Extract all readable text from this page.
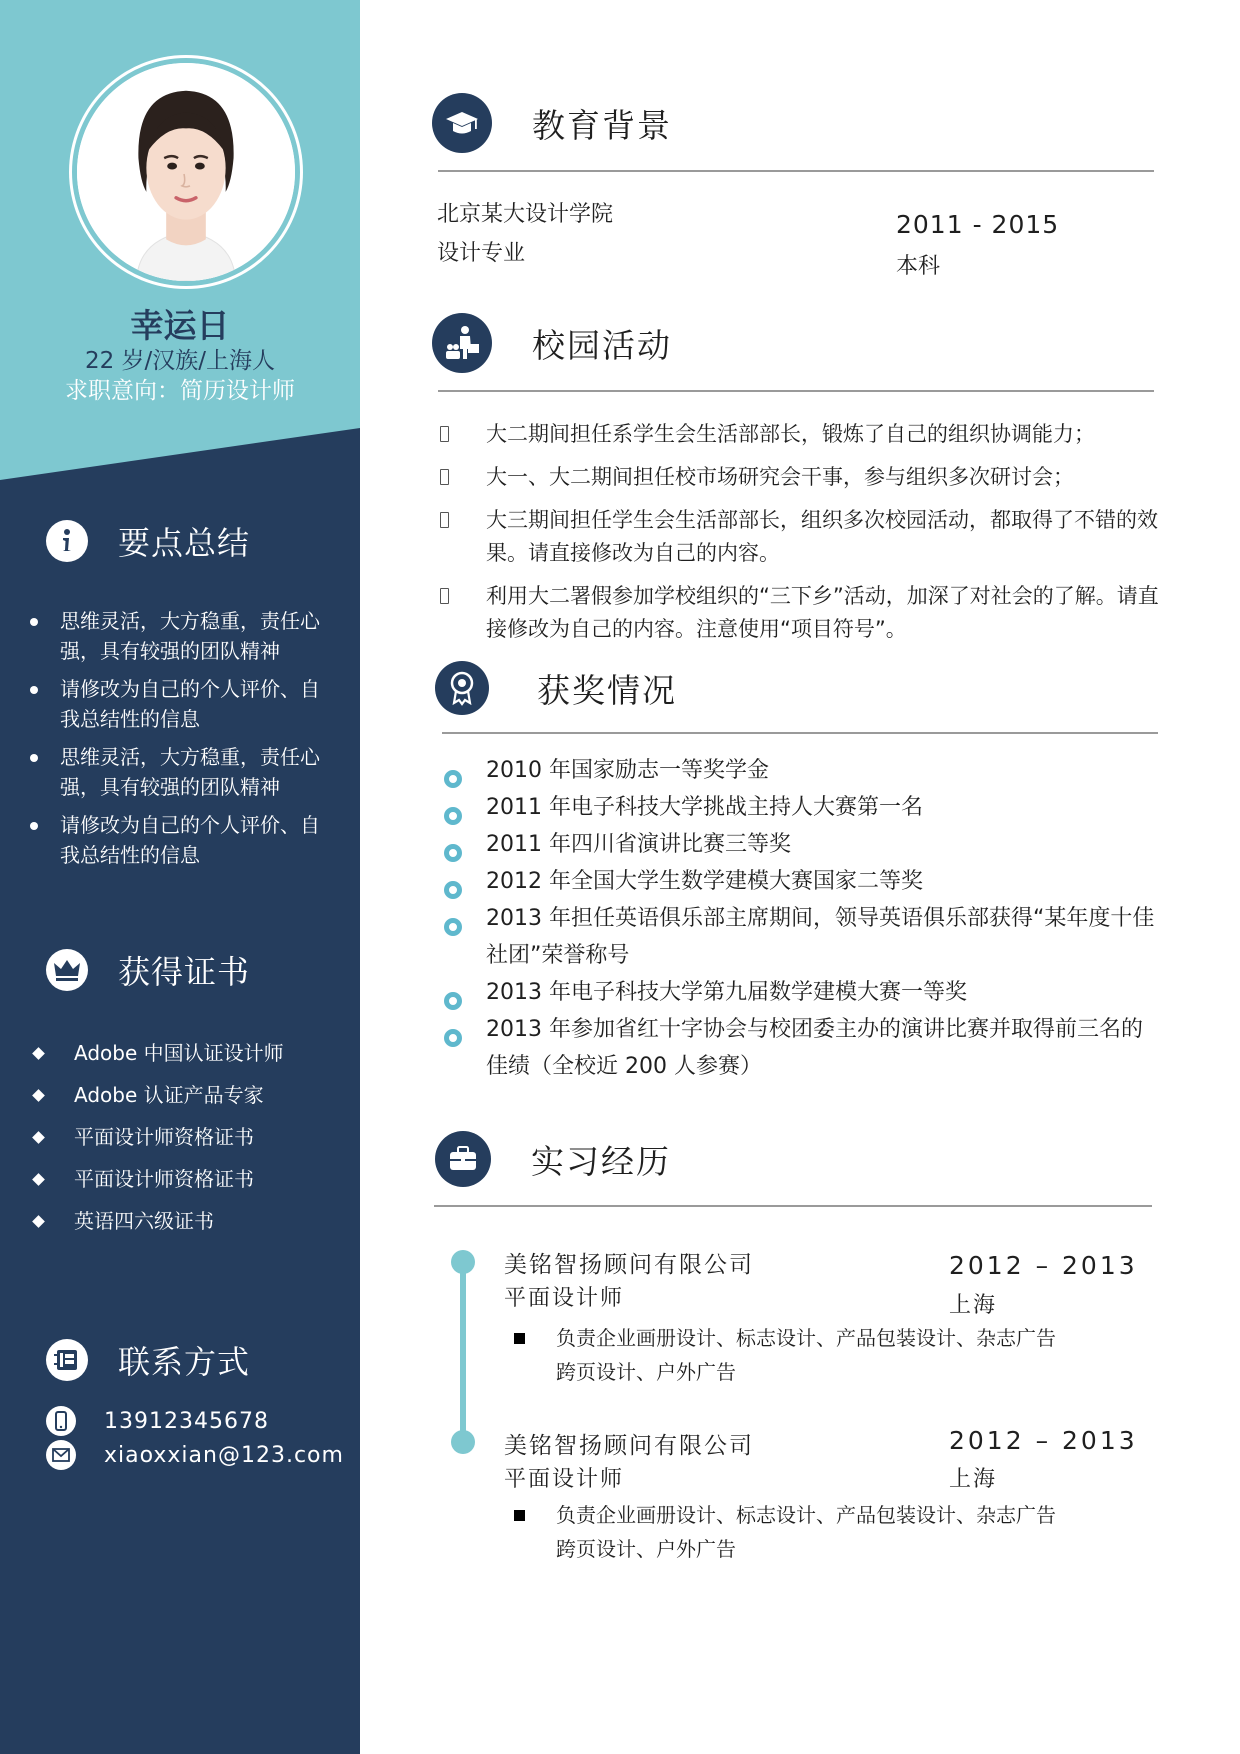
幸运日
22 岁/汉族/上海人
求职意向：简历设计师
要点总结
思维灵活，大方稳重，责任心强，具有较强的团队精神
请修改为自己的个人评价、自我总结性的信息
思维灵活，大方稳重，责任心强，具有较强的团队精神
请修改为自己的个人评价、自我总结性的信息
获得证书
Adobe 中国认证设计师
Adobe 认证产品专家
平面设计师资格证书
平面设计师资格证书
英语四六级证书
联系方式
13912345678
xiaoxxian@123.com
教育背景
北京某大设计学院
设计专业
2011 - 2015
本科
校园活动
大二期间担任系学生会生活部部长，锻炼了自己的组织协调能力；
大一、大二期间担任校市场研究会干事，参与组织多次研讨会；
大三期间担任学生会生活部部长，组织多次校园活动，都取得了不错的效果。请直接修改为自己的内容。
利用大二署假参加学校组织的“三下乡”活动，加深了对社会的了解。请直接修改为自己的内容。注意使用“项目符号”。
获奖情况
2010 年国家励志一等奖学金
2011 年电子科技大学挑战主持人大赛第一名
2011 年四川省演讲比赛三等奖
2012 年全国大学生数学建模大赛国家二等奖
2013 年担任英语俱乐部主席期间，领导英语俱乐部获得“某年度十佳社团”荣誉称号
2013 年电子科技大学第九届数学建模大赛一等奖
2013 年参加省红十字协会与校团委主办的演讲比赛并取得前三名的佳绩（全校近 200 人参赛）
实习经历
美铭智扬顾问有限公司
平面设计师
2012 – 2013
上海
负责企业画册设计、标志设计、产品包装设计、杂志广告跨页设计、户外广告
美铭智扬顾问有限公司
平面设计师
2012 – 2013
上海
负责企业画册设计、标志设计、产品包装设计、杂志广告跨页设计、户外广告
